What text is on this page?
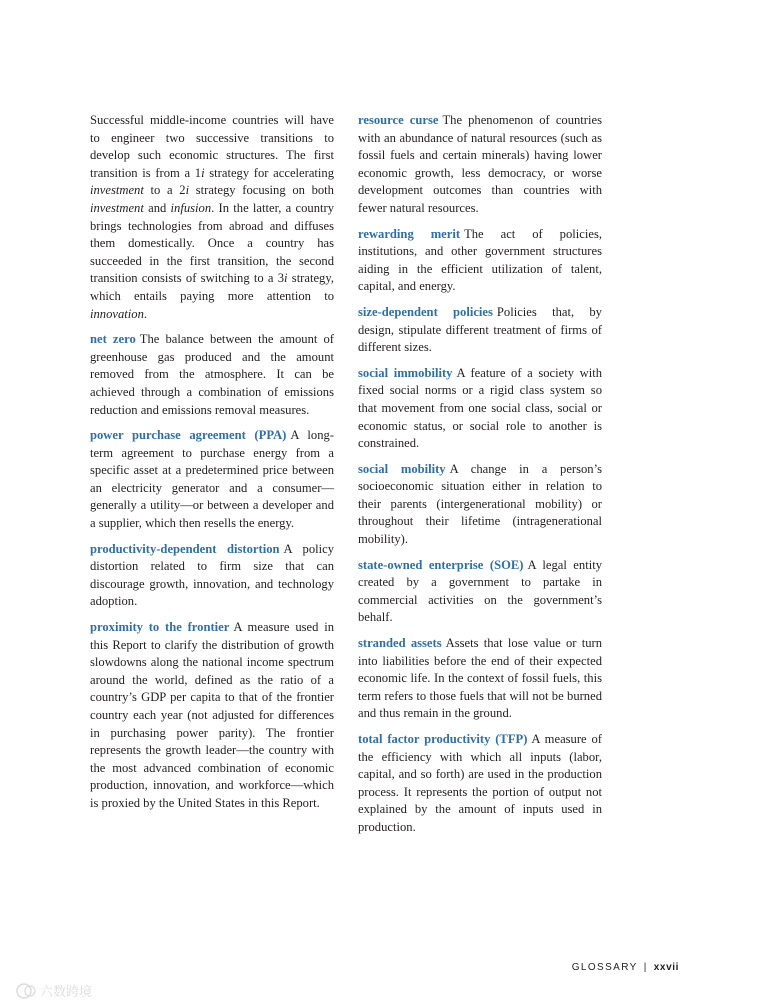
Successful middle-income countries will have to engineer two successive transitions to develop such economic structures. The first transition is from a 1i strategy for accelerating investment to a 2i strategy focusing on both investment and infusion. In the latter, a country brings technologies from abroad and diffuses them domestically. Once a country has succeeded in the first transition, the second transition consists of switching to a 3i strategy, which entails paying more attention to innovation.

net zero The balance between the amount of greenhouse gas produced and the amount removed from the atmosphere. It can be achieved through a combination of emissions reduction and emissions removal measures.

power purchase agreement (PPA) A long-term agreement to purchase energy from a specific asset at a predetermined price between an electricity generator and a consumer—generally a utility—or between a developer and a supplier, which then resells the energy.

productivity-dependent distortion A policy distortion related to firm size that can discourage growth, innovation, and technology adoption.

proximity to the frontier A measure used in this Report to clarify the distribution of growth slowdowns along the national income spectrum around the world, defined as the ratio of a country’s GDP per capita to that of the frontier country each year (not adjusted for differences in purchasing power parity). The frontier represents the growth leader—the country with the most advanced combination of economic production, innovation, and workforce—which is proxied by the United States in this Report.

resource curse The phenomenon of countries with an abundance of natural resources (such as fossil fuels and certain minerals) having lower economic growth, less democracy, or worse development outcomes than countries with fewer natural resources.

rewarding merit The act of policies, institutions, and other government structures aiding in the efficient utilization of talent, capital, and energy.

size-dependent policies Policies that, by design, stipulate different treatment of firms of different sizes.

social immobility A feature of a society with fixed social norms or a rigid class system so that movement from one social class, social or economic status, or social role to another is constrained.

social mobility A change in a person’s socioeconomic situation either in relation to their parents (intergenerational mobility) or throughout their lifetime (intragenerational mobility).

state-owned enterprise (SOE) A legal entity created by a government to partake in commercial activities on the government’s behalf.

stranded assets Assets that lose value or turn into liabilities before the end of their expected economic life. In the context of fossil fuels, this term refers to those fuels that will not be burned and thus remain in the ground.

total factor productivity (TFP) A measure of the efficiency with which all inputs (labor, capital, and so forth) are used in the production process. It represents the portion of output not explained by the amount of inputs used in production.

GLOSSARY | xxvii
六数跨境
